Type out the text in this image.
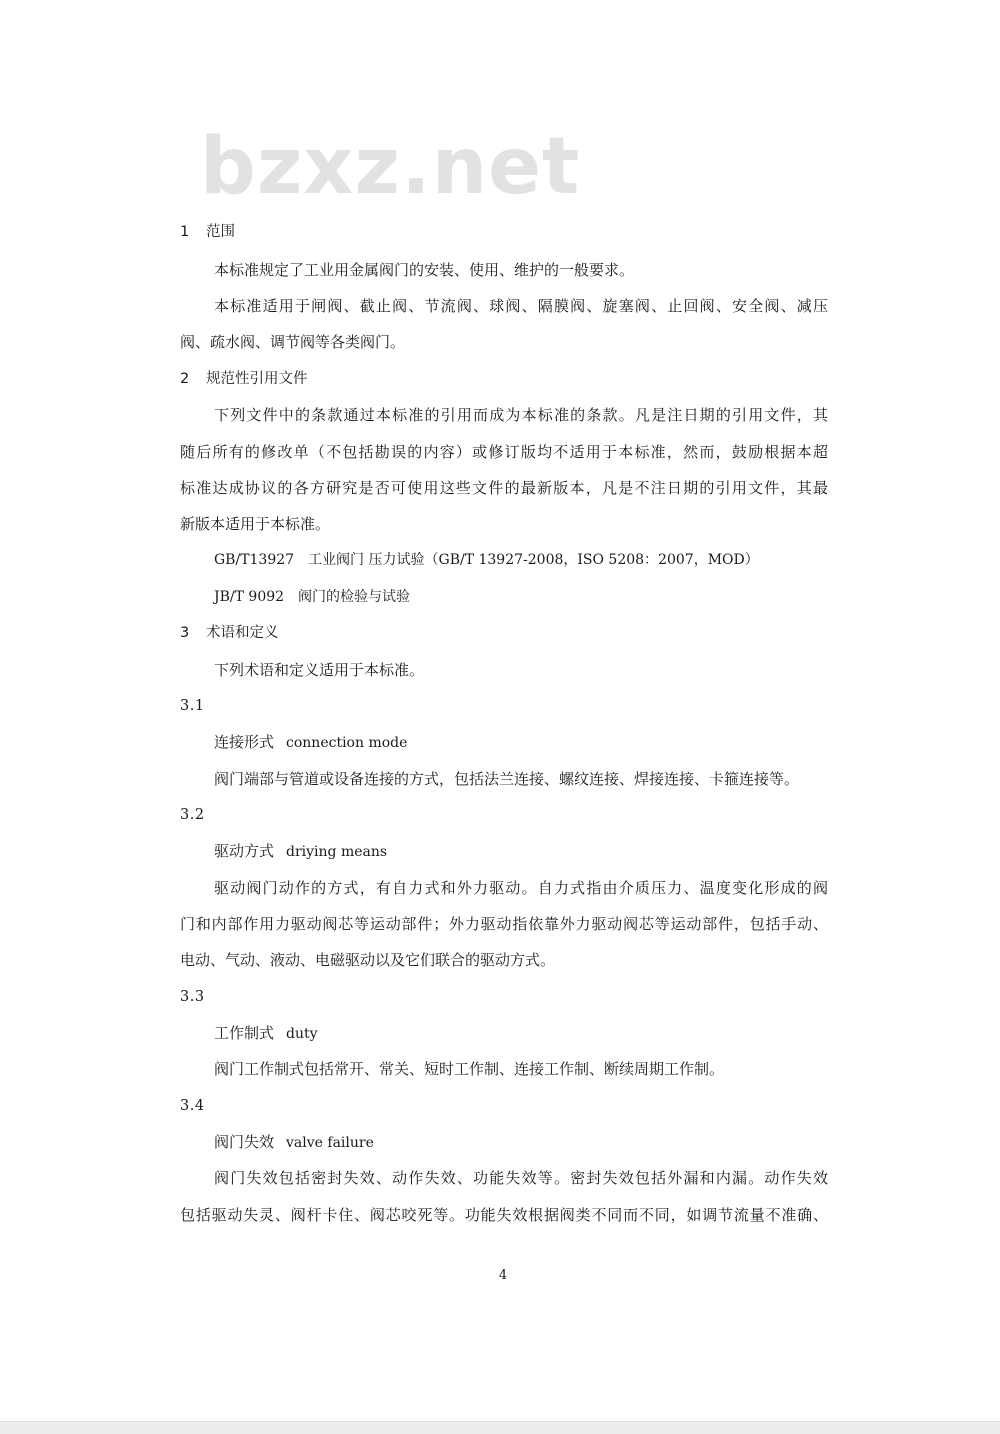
bzxz.net
1 范围
本标准规定了工业用金属阀门的安装、使用、维护的一般要求。
本标准适用于闸阀、截止阀、节流阀、球阀、隔膜阀、旋塞阀、止回阀、安全阀、减压
阀、疏水阀、调节阀等各类阀门。
2 规范性引用文件
下列文件中的条款通过本标准的引用而成为本标准的条款。凡是注日期的引用文件，其
随后所有的修改单（不包括勘误的内容）或修订版均不适用于本标准，然而，鼓励根据本超
标准达成协议的各方研究是否可使用这些文件的最新版本，凡是不注日期的引用文件，其最
新版本适用于本标准。
GB/T13927 工业阀门 压力试验（GB/T 13927-2008，ISO 5208：2007，MOD）
JB/T 9092 阀门的检验与试验
3 术语和定义
下列术语和定义适用于本标准。
3.1
连接形式 connection mode
阀门端部与管道或设备连接的方式，包括法兰连接、螺纹连接、焊接连接、卡箍连接等。
3.2
驱动方式 driying means
驱动阀门动作的方式，有自力式和外力驱动。自力式指由介质压力、温度变化形成的阀
门和内部作用力驱动阀芯等运动部件；外力驱动指依靠外力驱动阀芯等运动部件，包括手动、
电动、气动、液动、电磁驱动以及它们联合的驱动方式。
3.3
工作制式 duty
阀门工作制式包括常开、常关、短时工作制、连接工作制、断续周期工作制。
3.4
阀门失效 valve failure
阀门失效包括密封失效、动作失效、功能失效等。密封失效包括外漏和内漏。动作失效
包括驱动失灵、阀杆卡住、阀芯咬死等。功能失效根据阀类不同而不同，如调节流量不准确、
4
